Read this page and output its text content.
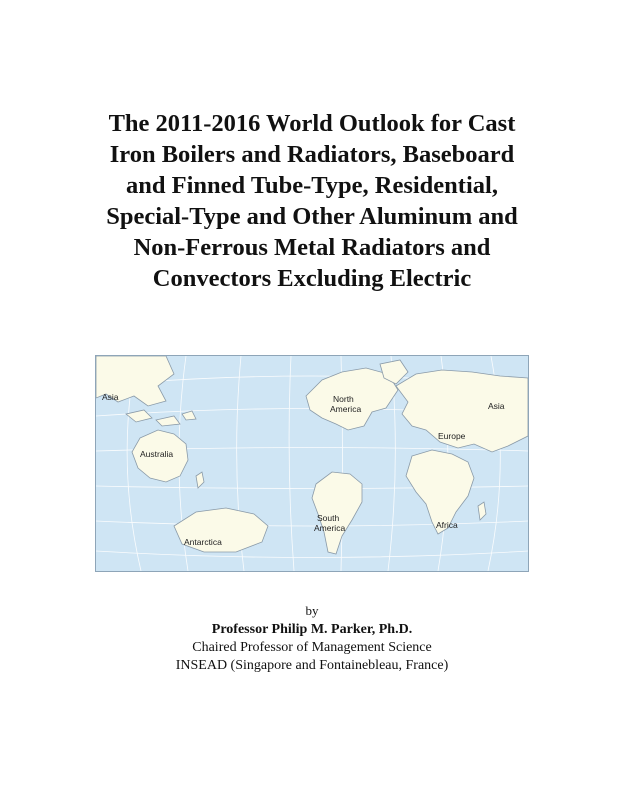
The 2011-2016 World Outlook for Cast
Iron Boilers and Radiators, Baseboard
and Finned Tube-Type, Residential,
Special-Type and Other Aluminum and
Non-Ferrous Metal Radiators and
Convectors Excluding Electric
Asia
Australia
Antarctica
North America
South America
Asia
Europe
Africa
by
Professor Philip M. Parker, Ph.D.
Chaired Professor of Management Science
INSEAD (Singapore and Fontainebleau, France)
